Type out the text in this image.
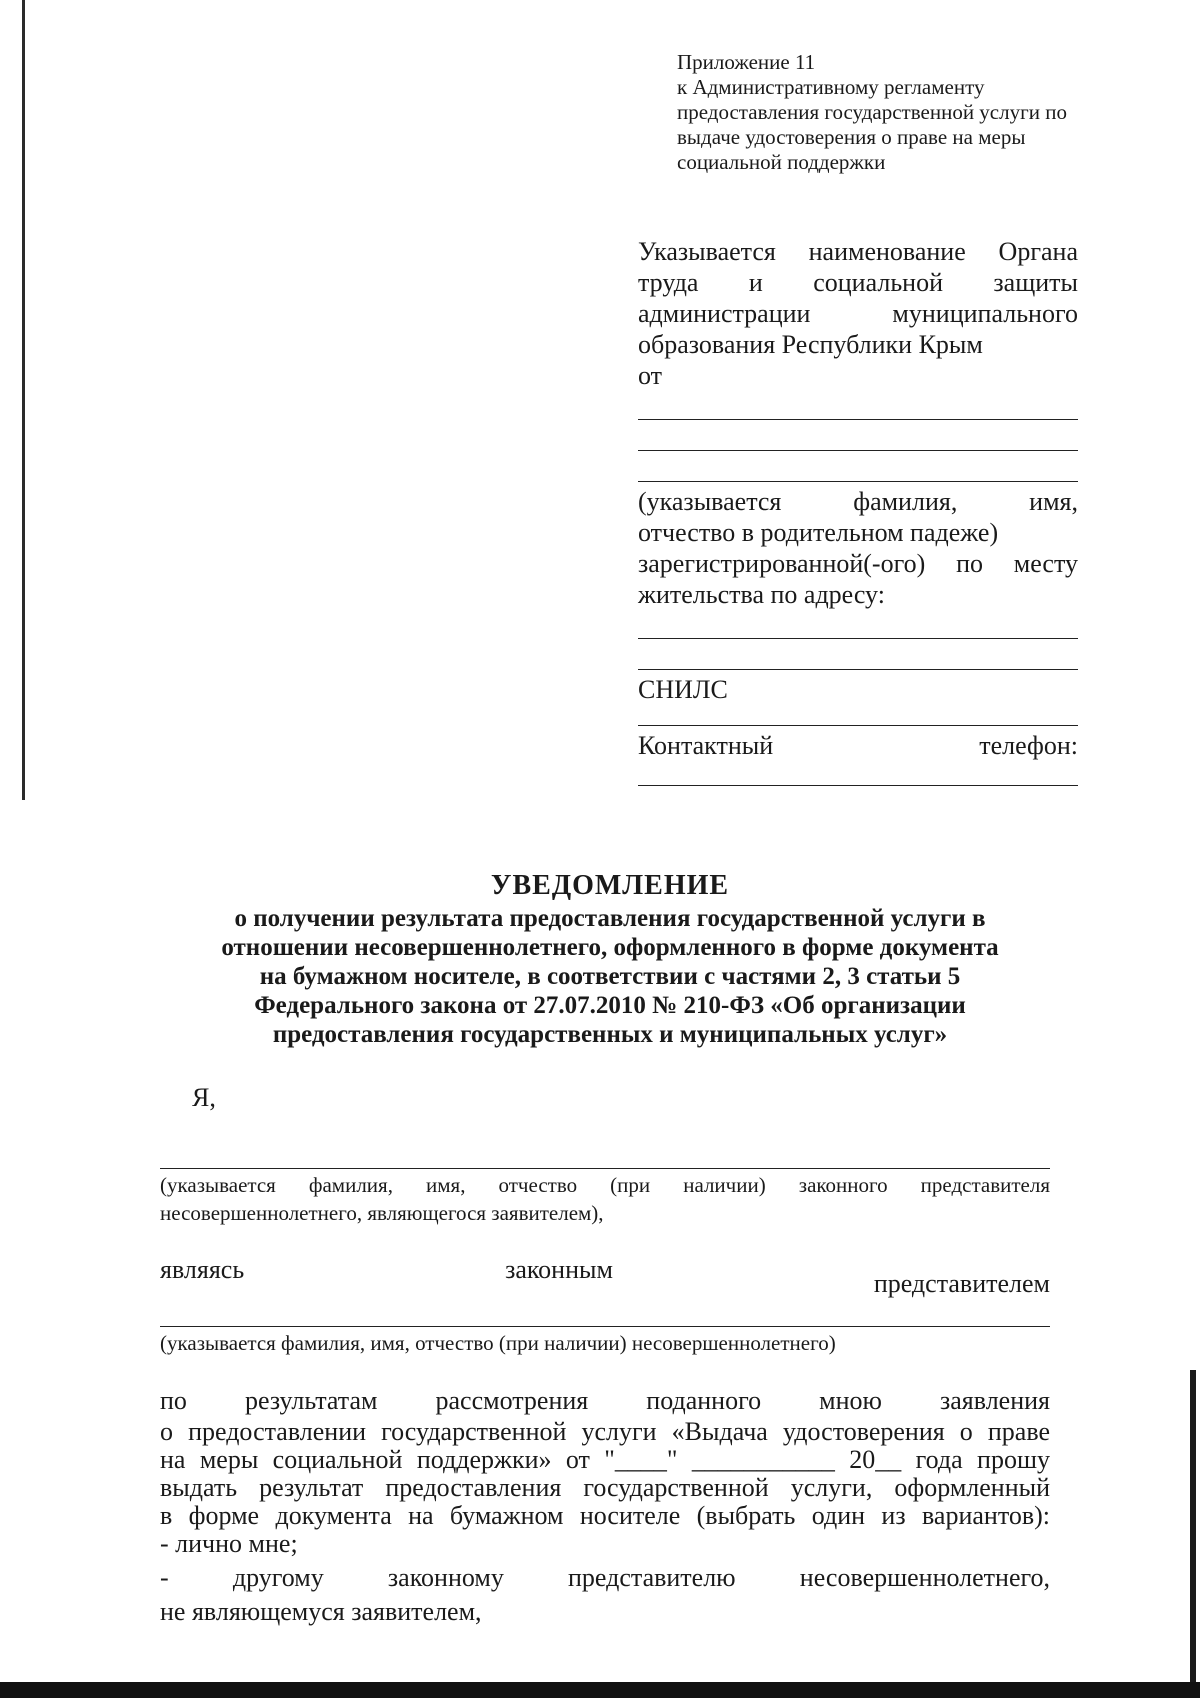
Приложение 11
к Административному регламенту
предоставления государственной услуги по
выдаче удостоверения о праве на меры
социальной поддержки
Указывается наименование Органа
труда и социальной защиты
администрации муниципального
образования Республики Крым
от
(указывается фамилия, имя,
отчество в родительном падеже)
зарегистрированной(-ого) по месту
жительства по адресу:
СНИЛС
Контактный	телефон:
УВЕДОМЛЕНИЕ
о получении результата предоставления государственной услуги в
отношении несовершеннолетнего, оформленного в форме документа
на бумажном носителе, в соответствии с частями 2, 3 статьи 5
Федерального закона от 27.07.2010 № 210-ФЗ «Об организации
предоставления государственных и муниципальных услуг»
Я,
(указывается фамилия, имя, отчество (при наличии) законного представителя
несовершеннолетнего, являющегося заявителем),
являясь	законным	представителем
(указывается фамилия, имя, отчество (при наличии) несовершеннолетнего)
по результатам рассмотрения поданного мною заявления
о предоставлении государственной услуги «Выдача удостоверения о праве
на меры социальной поддержки» от "____" ___________ 20__ года прошу
выдать результат предоставления государственной услуги, оформленный
в форме документа на бумажном носителе (выбрать один из вариантов):
- лично мне;
- другому законному представителю несовершеннолетнего,
не являющемуся заявителем,
